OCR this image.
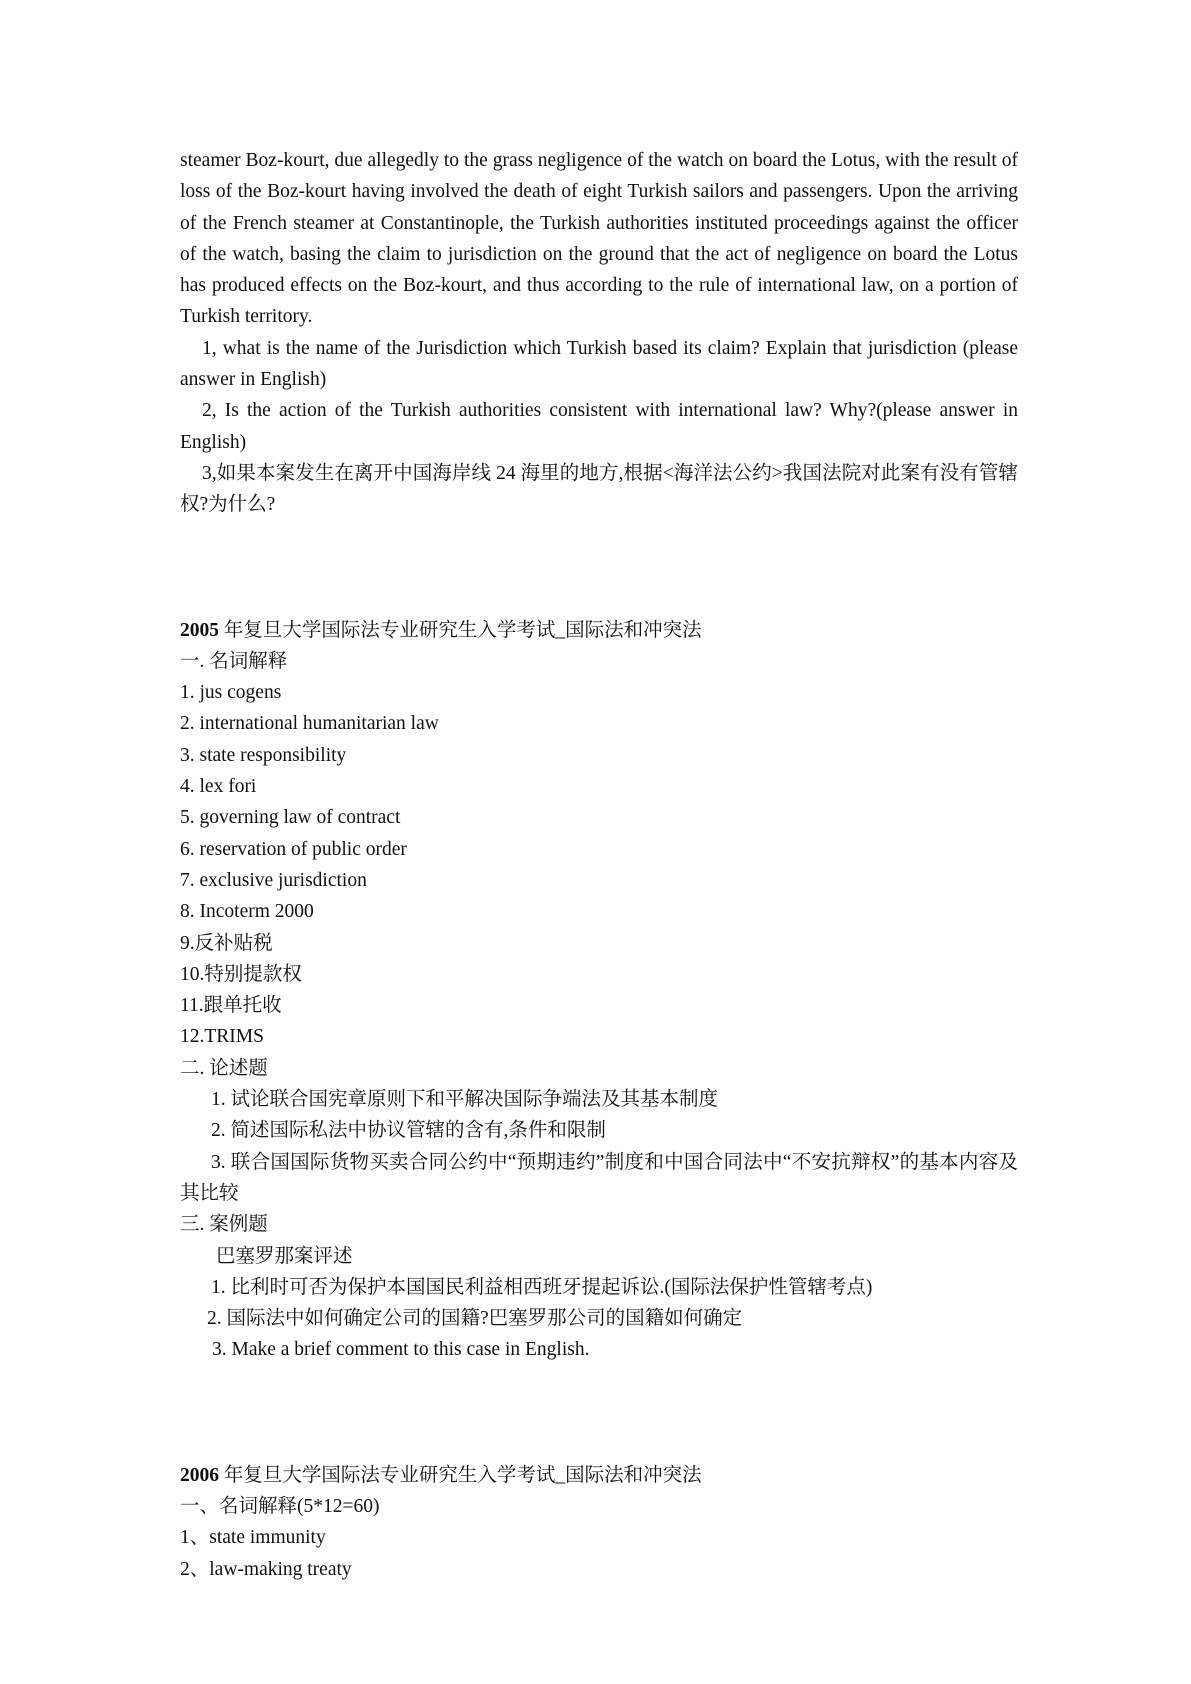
steamer Boz-kourt, due allegedly to the grass negligence of the watch on board the Lotus, with the result of loss of the Boz-kourt having involved the death of eight Turkish sailors and passengers. Upon the arriving of the French steamer at Constantinople, the Turkish authorities instituted proceedings against the officer of the watch, basing the claim to jurisdiction on the ground that the act of negligence on board the Lotus has produced effects on the Boz-kourt, and thus according to the rule of international law, on a portion of Turkish territory.

1, what is the name of the Jurisdiction which Turkish based its claim? Explain that jurisdiction (please answer in English)

2, Is the action of the Turkish authorities consistent with international law? Why?(please answer in English)

3,如果本案发生在离开中国海岸线 24 海里的地方,根据<海洋法公约>我国法院对此案有没有管辖权?为什么?

2005 年复旦大学国际法专业研究生入学考试_国际法和冲突法
一. 名词解释
1. jus cogens
2. international humanitarian law
3. state responsibility
4. lex fori
5. governing law of contract
6. reservation of public order
7. exclusive jurisdiction
8. Incoterm 2000
9.反补贴税
10.特别提款权
11.跟单托收
12.TRIMS
二. 论述题
1. 试论联合国宪章原则下和平解决国际争端法及其基本制度
2. 简述国际私法中协议管辖的含有,条件和限制

3. 联合国国际货物买卖合同公约中“预期违约”制度和中国合同法中“不安抗辩权”的基本内容及其比较

三. 案例题
巴塞罗那案评述
1. 比利时可否为保护本国国民利益相西班牙提起诉讼.(国际法保护性管辖考点)
2. 国际法中如何确定公司的国籍?巴塞罗那公司的国籍如何确定
3. Make a brief comment to this case in English.
2006 年复旦大学国际法专业研究生入学考试_国际法和冲突法
一、名词解释(5*12=60)
1、state immunity
2、law-making treaty
